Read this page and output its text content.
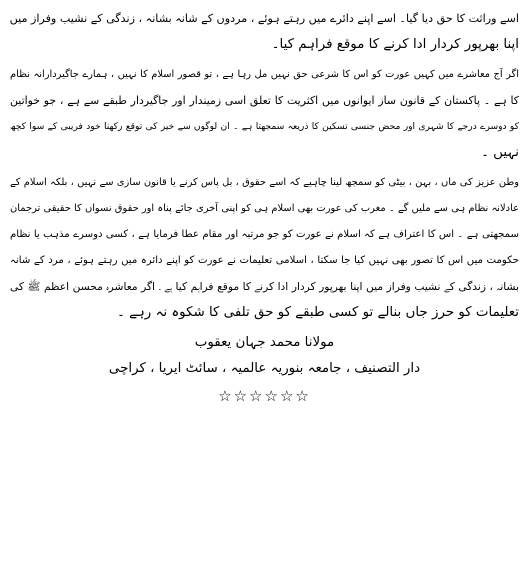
اسے وراثت کا حق دیا گیا۔ اسے اپنے دائرے میں رہتے ہوئے ، مردوں کے شانہ بشانہ ، زندگی کے نشیب وفراز میں
اپنا بھرپور کردار ادا کرنے کا موقع فراہم کیا۔
اگر آج معاشرے میں کہیں عورت کو اس کا شرعی حق نہیں مل رہا ہے ، تو قصور اسلام کا نہیں ، ہمارے جاگیردارانہ نظام
کا ہے ۔ پاکستان کے قانون ساز ایوانوں میں اکثریت کا تعلق اسی زمیندار اور جاگیردار طبقے سے ہے ، جو خواتین
کو دوسرے درجے کا شہری اور محض جنسی تسکین کا ذریعہ سمجھتا ہے ۔ ان لوگوں سے خیر کی توقع رکھنا خود فریبی کے سوا کچھ
نہیں ۔
وطن عزیز کی ماں ، بہن ، بیٹی کو سمجھ لینا چاہیے کہ اسے حقوق ، بل پاس کرنے یا قانون سازی سے نہیں ، بلکہ اسلام کے
عادلانہ نظام ہی سے ملیں گے ۔ مغرب کی عورت بھی اسلام ہی کو اپنی آخری جائے پناہ اور حقوق نسواں کا حقیقی ترجمان
سمجھتی ہے ۔ اس کا اعتراف ہے کہ اسلام نے عورت کو جو مرتبہ اور مقام عطا فرمایا ہے ، کسی دوسرے مذہب یا نظام
حکومت میں اس کا تصور بھی نہیں کیا جا سکتا ، اسلامی تعلیمات نے عورت کو اپنے دائرہ میں رہتے ہوئے ، مرد کے شانہ
بشانہ ، زندگی کے نشیب وفراز میں اپنا بھرپور کردار ادا کرنے کا موقع فراہم کیا ہے ۔ اگر معاشرہ محسن اعظم ﷺ کی
تعلیمات کو حرز جاں بنالے تو کسی طبقے کو حق تلفی کا شکوہ نہ رہے ۔
مولانا محمد جہان یعقوب
دار التصنیف ، جامعہ بنوریہ عالمیہ ، سائٹ ایریا ، کراچی
☆☆☆☆☆☆
